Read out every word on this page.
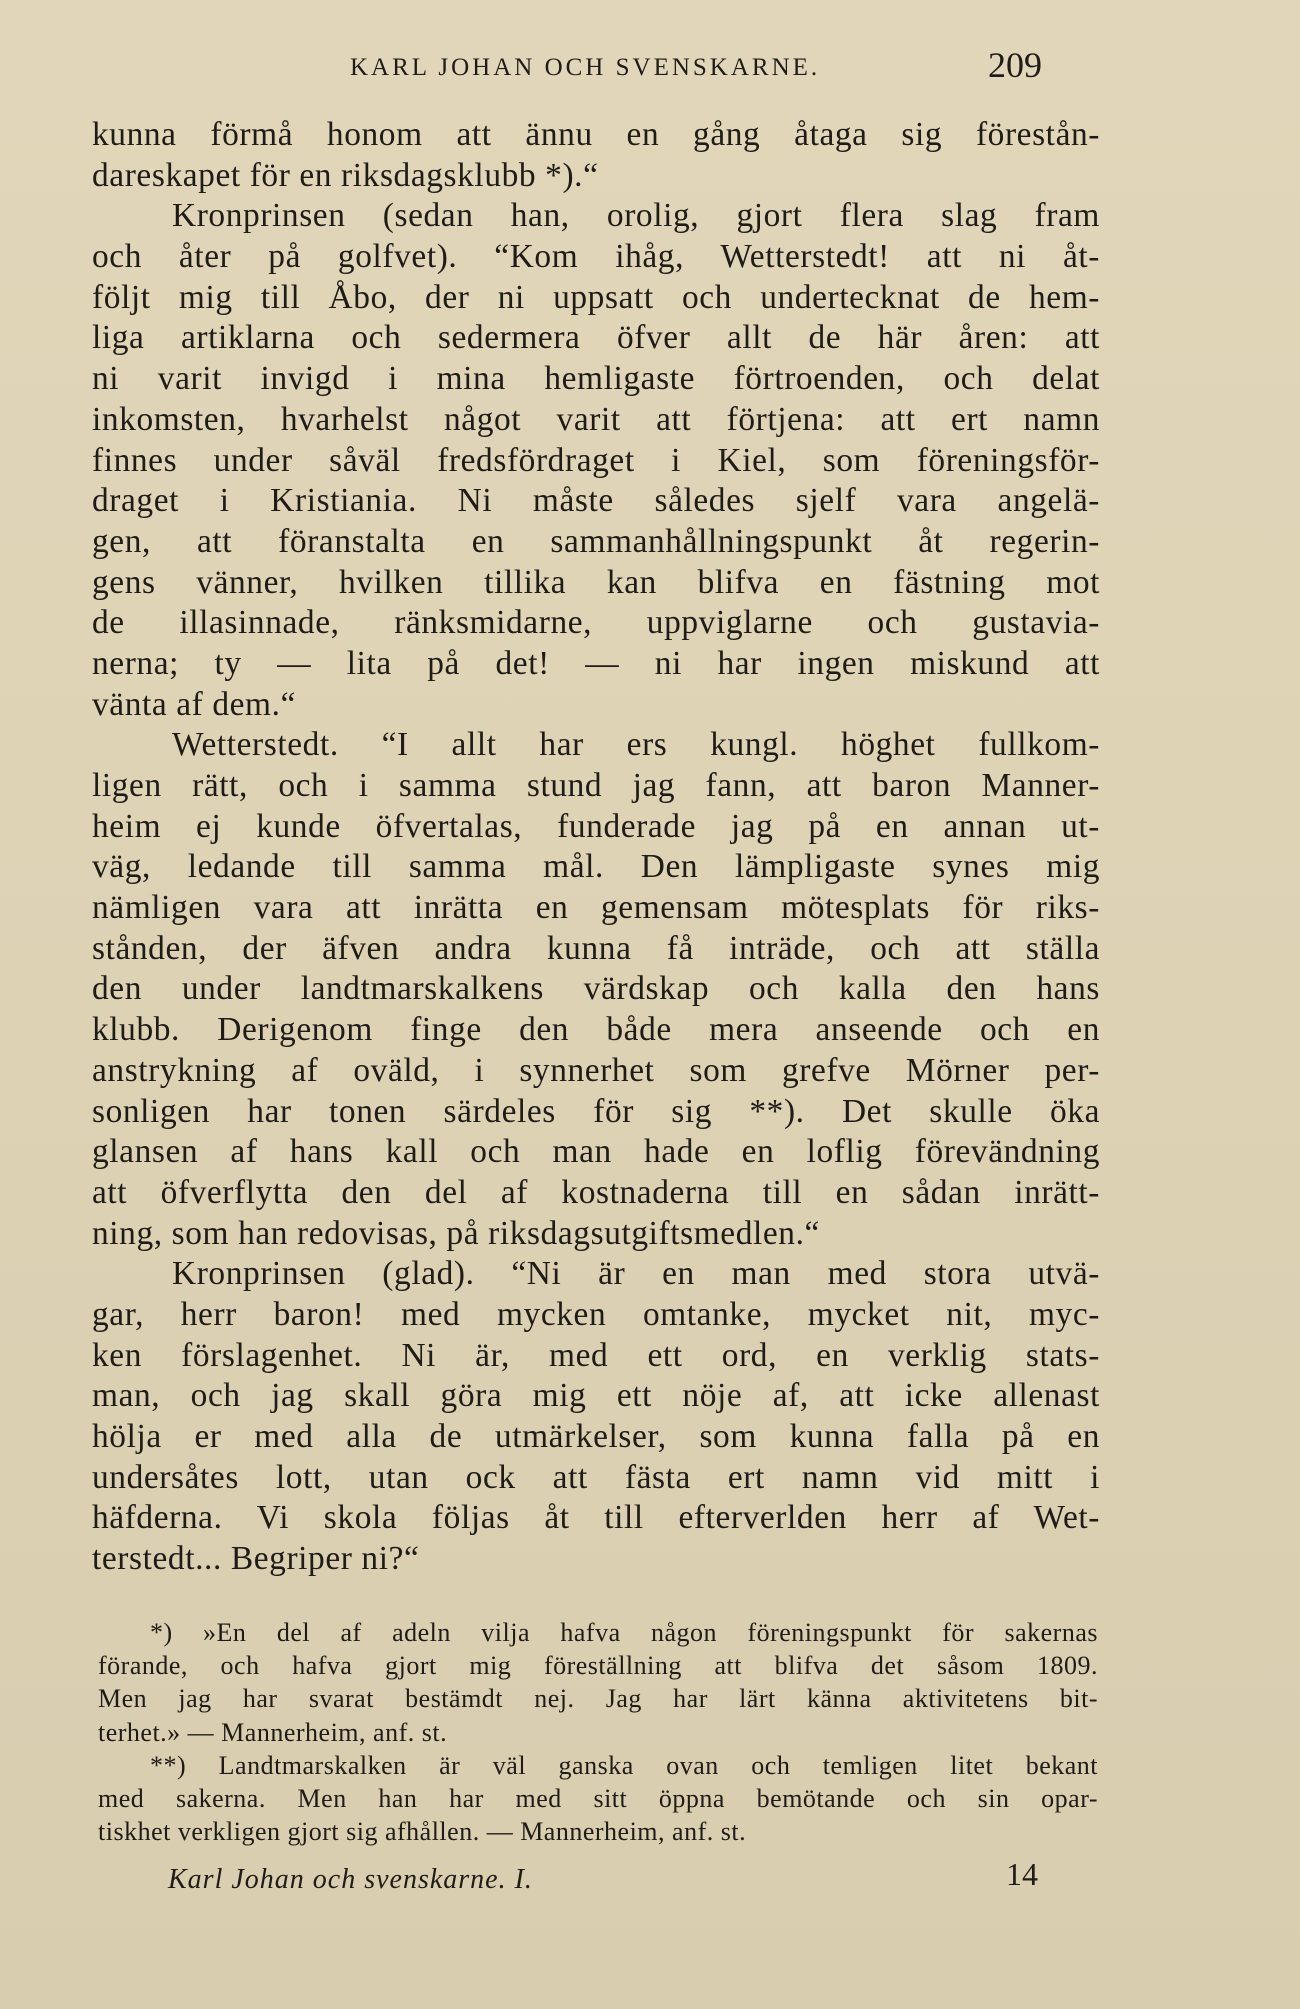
KARL JOHAN OCH SVENSKARNE.	209
kunna förmå honom att ännu en gång åtaga sig förestån-
dareskapet för en riksdagsklubb *).“
Kronprinsen (sedan han, orolig, gjort flera slag fram
och åter på golfvet). “Kom ihåg, Wetterstedt! att ni åt-
följt mig till Åbo, der ni uppsatt och undertecknat de hem-
liga artiklarna och sedermera öfver allt de här åren: att
ni varit invigd i mina hemligaste förtroenden, och delat
inkomsten, hvarhelst något varit att förtjena: att ert namn
finnes under såväl fredsfördraget i Kiel, som föreningsför-
draget i Kristiania. Ni måste således sjelf vara angelä-
gen, att föranstalta en sammanhållningspunkt åt regerin-
gens vänner, hvilken tillika kan blifva en fästning mot
de illasinnade, ränksmidarne, uppviglarne och gustavia-
nerna; ty — lita på det! — ni har ingen miskund att
vänta af dem.“
Wetterstedt. “I allt har ers kungl. höghet fullkom-
ligen rätt, och i samma stund jag fann, att baron Manner-
heim ej kunde öfvertalas, funderade jag på en annan ut-
väg, ledande till samma mål. Den lämpligaste synes mig
nämligen vara att inrätta en gemensam mötesplats för riks-
stånden, der äfven andra kunna få inträde, och att ställa
den under landtmarskalkens värdskap och kalla den hans
klubb. Derigenom finge den både mera anseende och en
anstrykning af oväld, i synnerhet som grefve Mörner per-
sonligen har tonen särdeles för sig **). Det skulle öka
glansen af hans kall och man hade en loflig förevändning
att öfverflytta den del af kostnaderna till en sådan inrätt-
ning, som han redovisas, på riksdagsutgiftsmedlen.“
Kronprinsen (glad). “Ni är en man med stora utvä-
gar, herr baron! med mycken omtanke, mycket nit, myc-
ken förslagenhet. Ni är, med ett ord, en verklig stats-
man, och jag skall göra mig ett nöje af, att icke allenast
hölja er med alla de utmärkelser, som kunna falla på en
undersåtes lott, utan ock att fästa ert namn vid mitt i
häfderna. Vi skola följas åt till efterverlden herr af Wet-
terstedt... Begriper ni?“
*) »En del af adeln vilja hafva någon föreningspunkt för sakernas
förande, och hafva gjort mig föreställning att blifva det såsom 1809.
Men jag har svarat bestämdt nej. Jag har lärt känna aktivitetens bit-
terhet.» — Mannerheim, anf. st.
**) Landtmarskalken är väl ganska ovan och temligen litet bekant
med sakerna. Men han har med sitt öppna bemötande och sin opar-
tiskhet verkligen gjort sig afhållen. — Mannerheim, anf. st.
Karl Johan och svenskarne. I.	14
